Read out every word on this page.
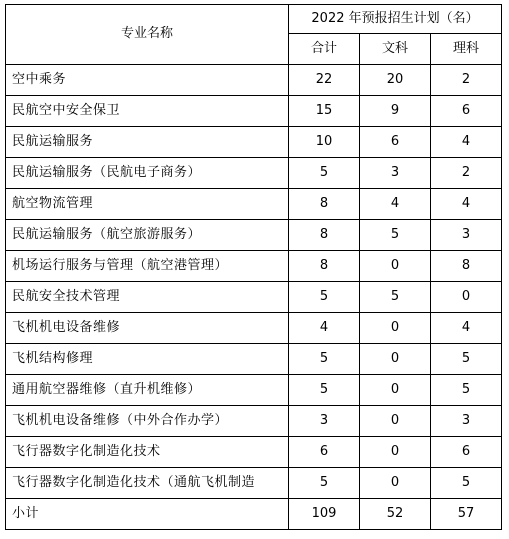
专业名称	2022 年预报招生计划（名）		
	合计	文科	理科
空中乘务	22	20	2
民航空中安全保卫	15	9	6
民航运输服务	10	6	4
民航运输服务（民航电子商务）	5	3	2
航空物流管理	8	4	4
民航运输服务（航空旅游服务）	8	5	3
机场运行服务与管理（航空港管理）	8	0	8
民航安全技术管理	5	5	0
飞机机电设备维修	4	0	4
飞机结构修理	5	0	5
通用航空器维修（直升机维修）	5	0	5
飞机机电设备维修（中外合作办学）	3	0	3
飞行器数字化制造化技术	6	0	6
飞行器数字化制造化技术（通航飞机制造	5	0	5
小计	109	52	57
